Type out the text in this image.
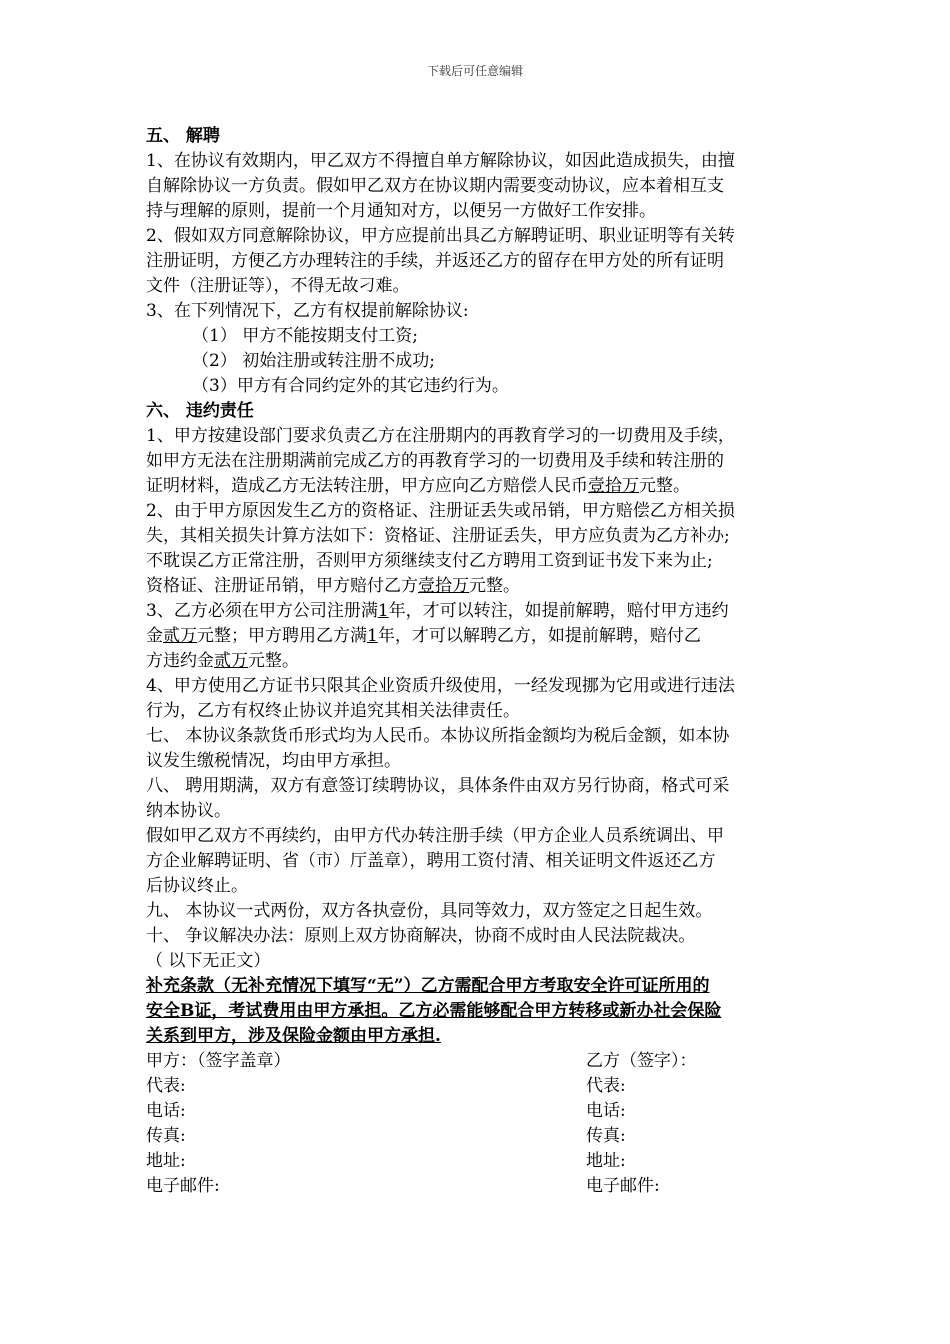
下载后可任意编辑
五、 解聘
1、在协议有效期内，甲乙双方不得擅自单方解除协议，如因此造成损失，由擅
自解除协议一方负责。假如甲乙双方在协议期内需要变动协议，应本着相互支
持与理解的原则，提前一个月通知对方，以便另一方做好工作安排。
2、假如双方同意解除协议，甲方应提前出具乙方解聘证明、职业证明等有关转
注册证明，方便乙方办理转注的手续，并返还乙方的留存在甲方处的所有证明
文件（注册证等），不得无故刁难。
3、在下列情况下，乙方有权提前解除协议:
（1） 甲方不能按期支付工资;
（2） 初始注册或转注册不成功;
（3）甲方有合同约定外的其它违约行为。
六、 违约责任
1、甲方按建设部门要求负责乙方在注册期内的再教育学习的一切费用及手续，
如甲方无法在注册期满前完成乙方的再教育学习的一切费用及手续和转注册的
证明材料，造成乙方无法转注册，甲方应向乙方赔偿人民币壹拾万元整。
2、由于甲方原因发生乙方的资格证、注册证丢失或吊销，甲方赔偿乙方相关损
失，其相关损失计算方法如下：资格证、注册证丢失，甲方应负责为乙方补办;
不耽误乙方正常注册，否则甲方须继续支付乙方聘用工资到证书发下来为止;
资格证、注册证吊销，甲方赔付乙方壹拾万元整。
3、乙方必须在甲方公司注册满1年，才可以转注，如提前解聘，赔付甲方违约
金贰万元整；甲方聘用乙方满1年，才可以解聘乙方，如提前解聘，赔付乙
方违约金贰万元整。
4、甲方使用乙方证书只限其企业资质升级使用，一经发现挪为它用或进行违法
行为，乙方有权终止协议并追究其相关法律责任。
七、 本协议条款货币形式均为人民币。本协议所指金额均为税后金额，如本协
议发生缴税情况，均由甲方承担。
八、 聘用期满，双方有意签订续聘协议，具体条件由双方另行协商，格式可采
纳本协议。
假如甲乙双方不再续约，由甲方代办转注册手续（甲方企业人员系统调出、甲
方企业解聘证明、省（市）厅盖章），聘用工资付清、相关证明文件返还乙方
后协议终止。
九、 本协议一式两份，双方各执壹份，具同等效力，双方签定之日起生效。
十、 争议解决办法：原则上双方协商解决，协商不成时由人民法院裁决。
（ 以下无正文）
补充条款（无补充情况下填写“无”）乙方需配合甲方考取安全许可证所用的
安全B证，考试费用由甲方承担。乙方必需能够配合甲方转移或新办社会保险
关系到甲方，涉及保险金额由甲方承担.
甲方：（签字盖章）	乙方（签字）：
代表:	代表:
电话:	电话:
传真:	传真:
地址:	地址:
电子邮件:	电子邮件:
